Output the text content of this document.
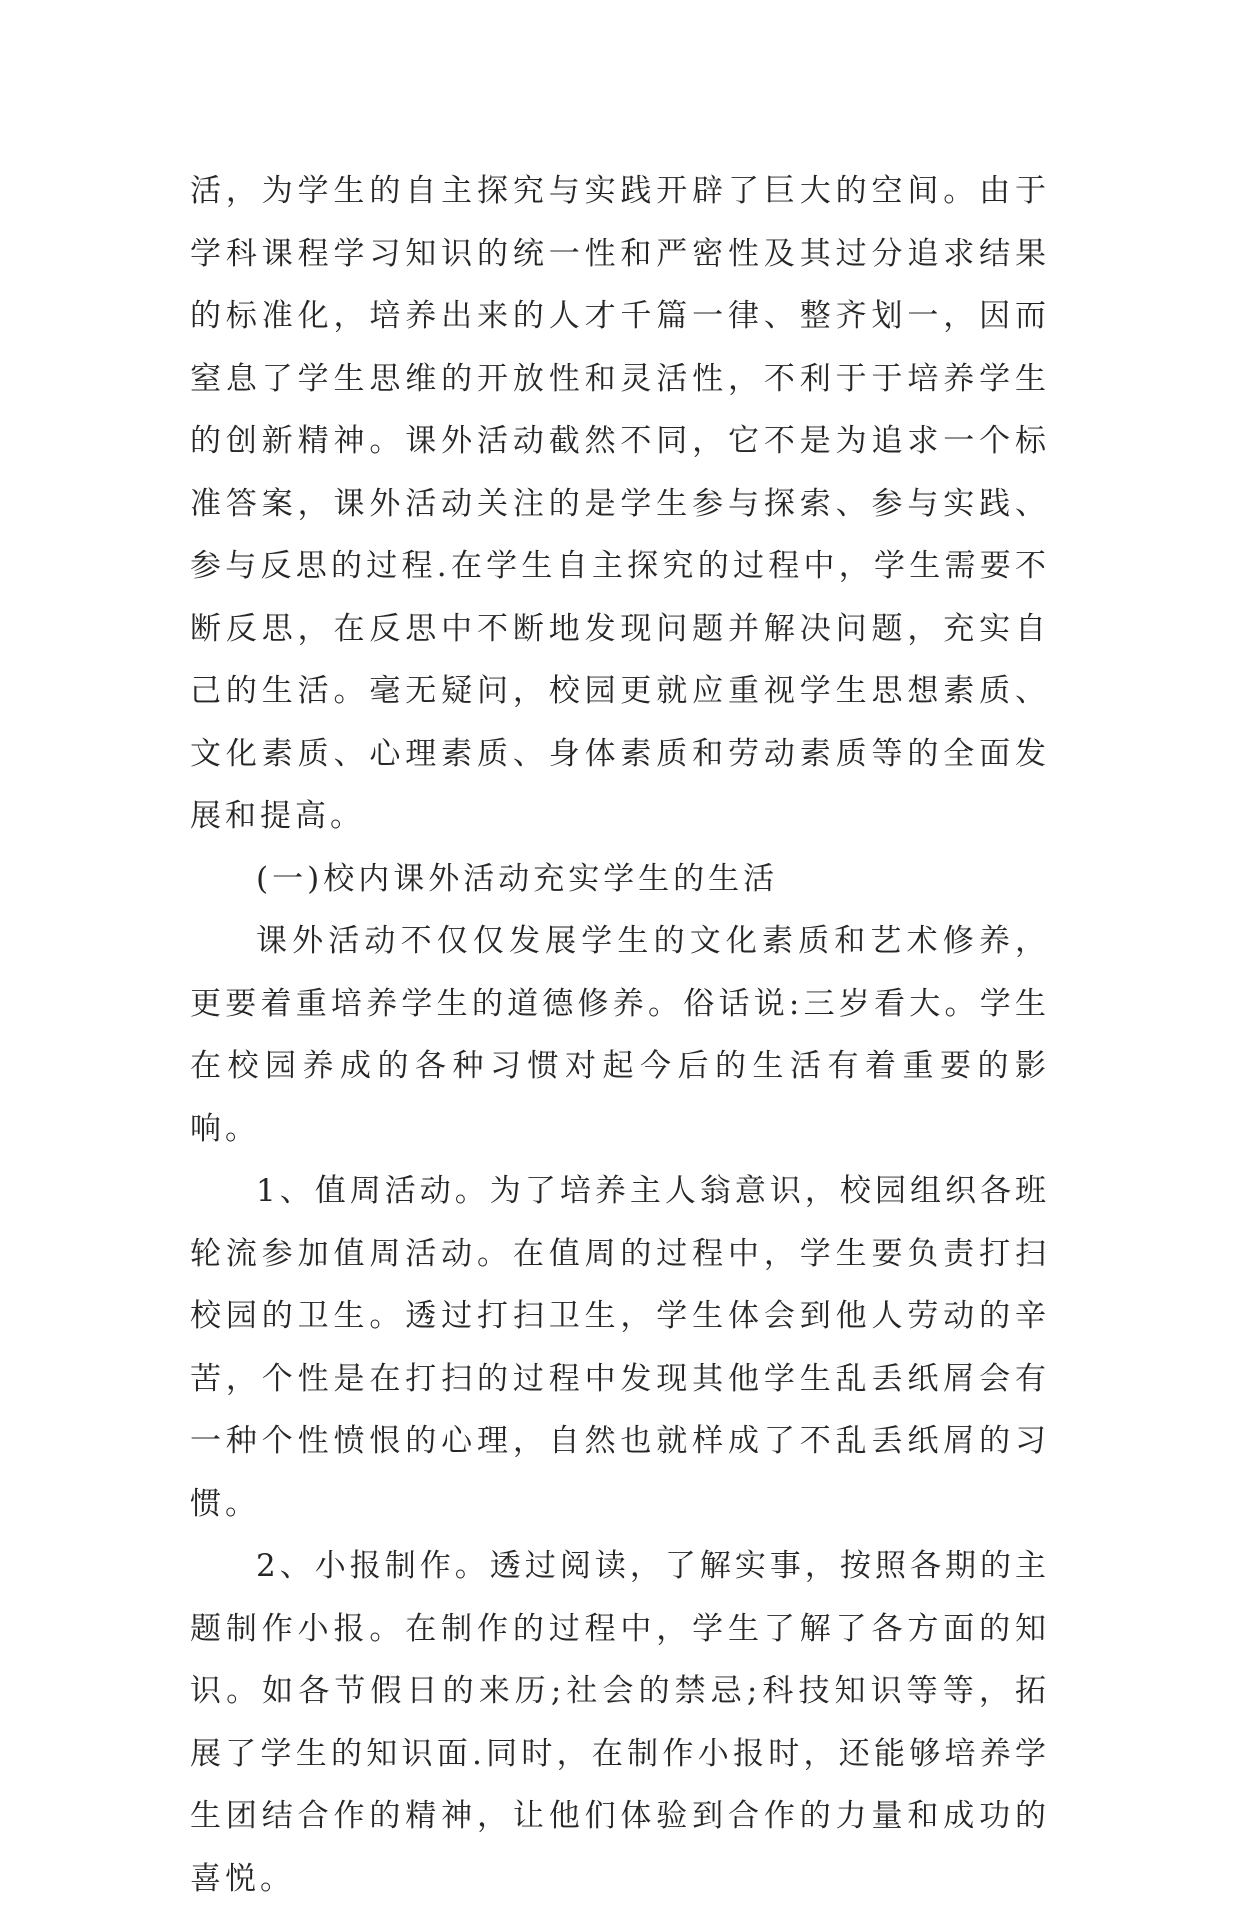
活，为学生的自主探究与实践开辟了巨大的空间。由于学科课程学习知识的统一性和严密性及其过分追求结果的标准化，培养出来的人才千篇一律、整齐划一，因而窒息了学生思维的开放性和灵活性，不利于于培养学生的创新精神。课外活动截然不同，它不是为追求一个标准答案，课外活动关注的是学生参与探索、参与实践、参与反思的过程.在学生自主探究的过程中，学生需要不断反思，在反思中不断地发现问题并解决问题，充实自己的生活。毫无疑问，校园更就应重视学生思想素质、文化素质、心理素质、身体素质和劳动素质等的全面发展和提高。

(一)校内课外活动充实学生的生活

课外活动不仅仅发展学生的文化素质和艺术修养，更要着重培养学生的道德修养。俗话说:三岁看大。学生在校园养成的各种习惯对起今后的生活有着重要的影响。

1、值周活动。为了培养主人翁意识，校园组织各班轮流参加值周活动。在值周的过程中，学生要负责打扫校园的卫生。透过打扫卫生，学生体会到他人劳动的辛苦，个性是在打扫的过程中发现其他学生乱丢纸屑会有一种个性愤恨的心理，自然也就样成了不乱丢纸屑的习惯。

2、小报制作。透过阅读，了解实事，按照各期的主题制作小报。在制作的过程中，学生了解了各方面的知识。如各节假日的来历;社会的禁忌;科技知识等等，拓展了学生的知识面.同时，在制作小报时，还能够培养学生团结合作的精神，让他们体验到合作的力量和成功的喜悦。
